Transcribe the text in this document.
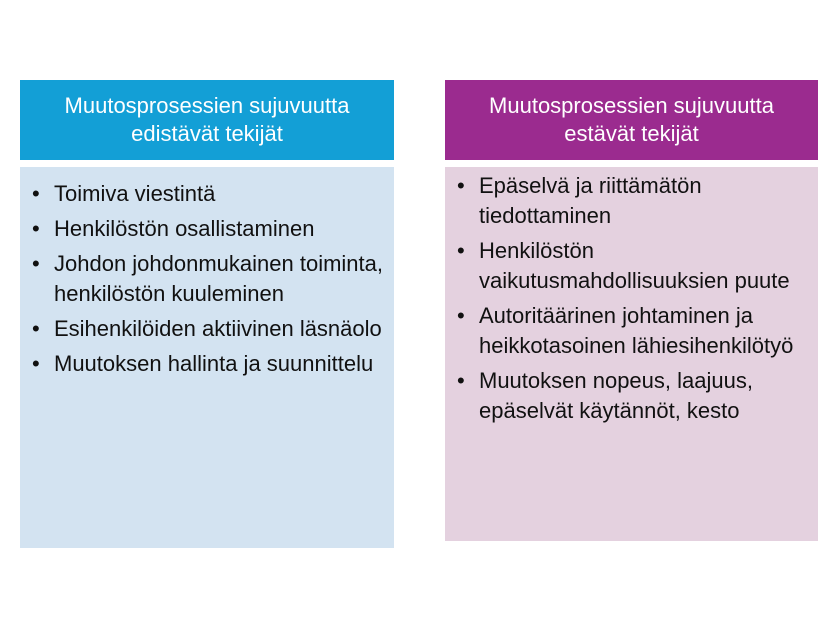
Muutosprosessien sujuvuutta edistävät tekijät
• Toimiva viestintä
• Henkilöstön osallistaminen
• Johdon johdonmukainen toiminta, henkilöstön kuuleminen
• Esihenkilöiden aktiivinen läsnäolo
• Muutoksen hallinta ja suunnittelu
Muutosprosessien sujuvuutta estävät tekijät
• Epäselvä ja riittämätön tiedottaminen
• Henkilöstön vaikutusmahdollisuuksien puute
• Autoritäärinen johtaminen ja heikkotasoinen lähiesihenkilötyö
• Muutoksen nopeus, laajuus, epäselvät käytännöt, kesto
